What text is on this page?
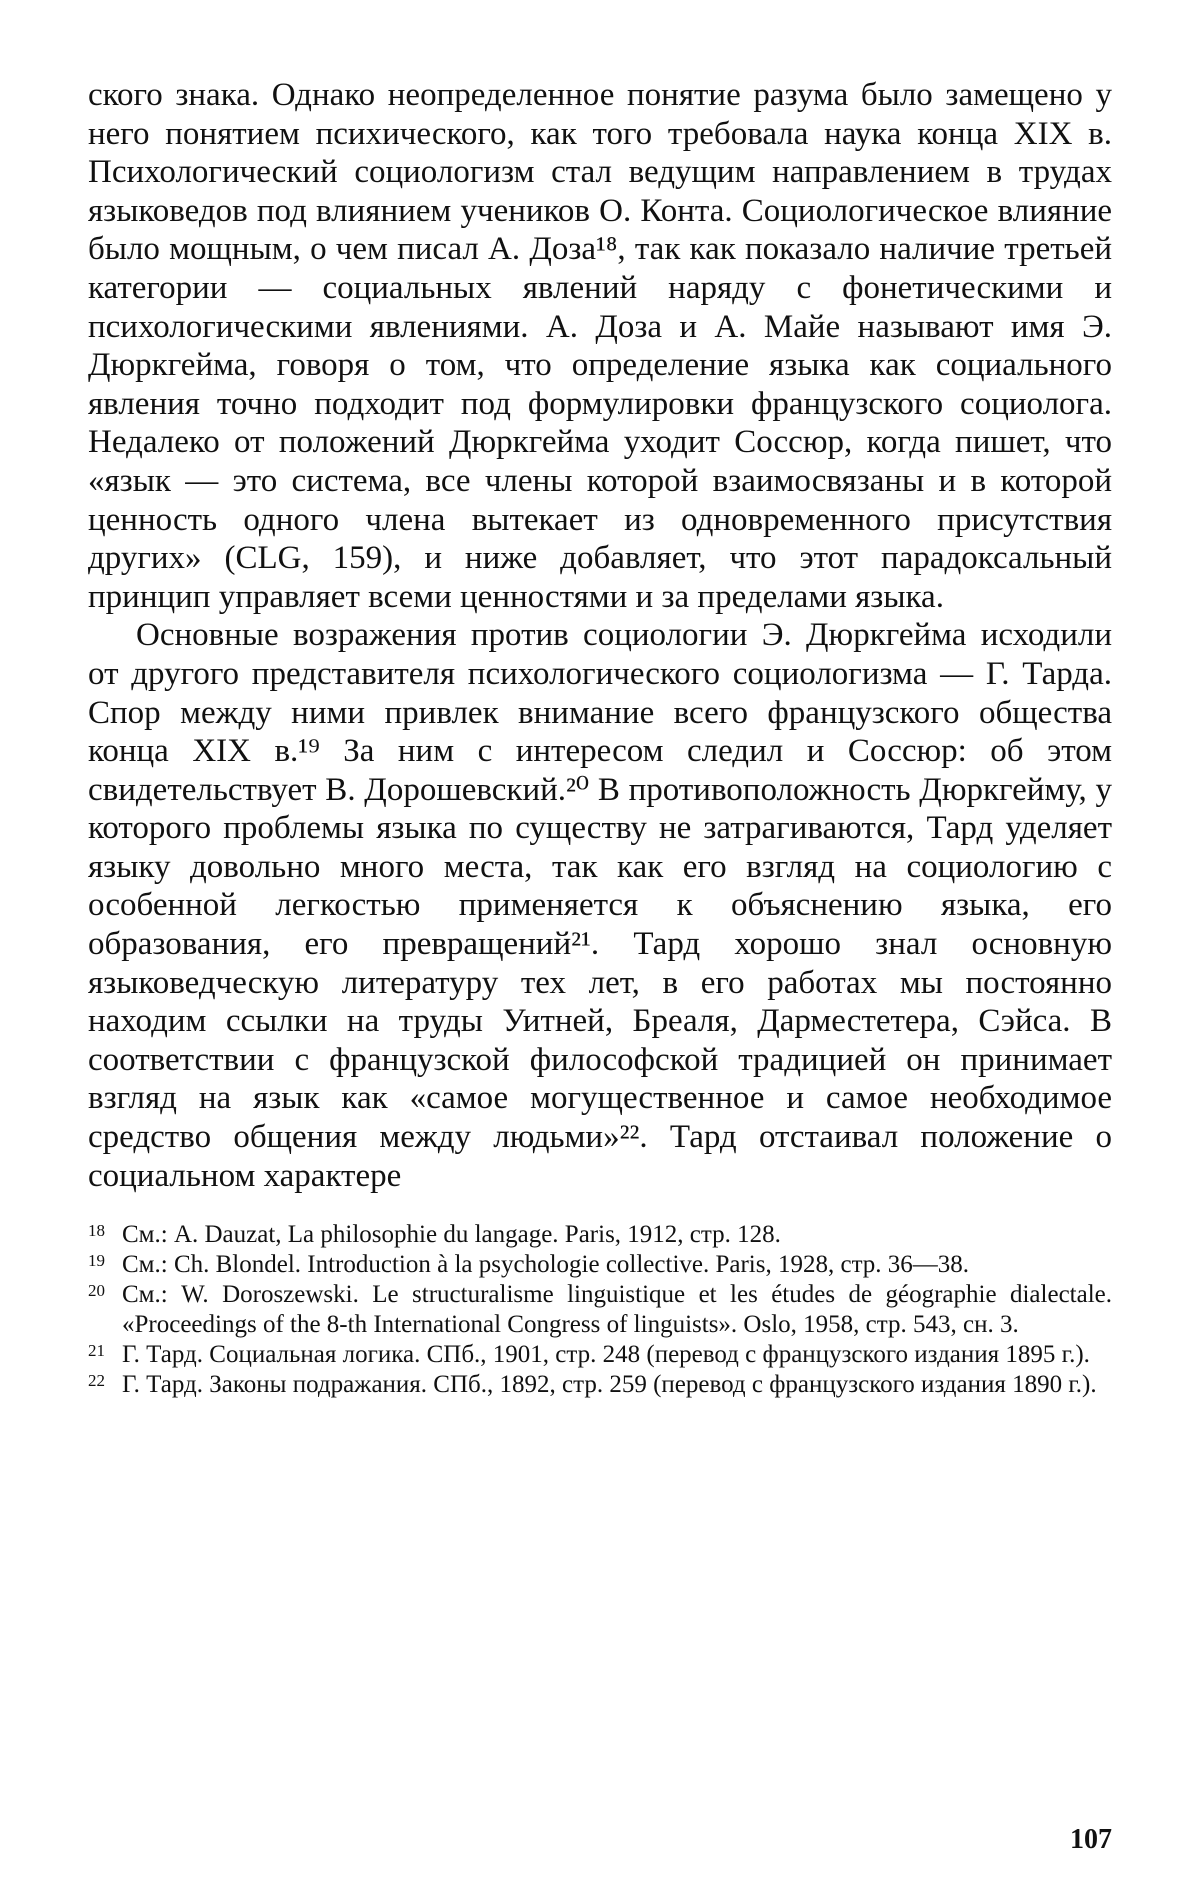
ского знака. Однако неопределенное понятие разума было замещено у него понятием психического, как того требовала наука конца XIX в. Психологический социологизм стал ведущим направлением в трудах языковедов под влиянием учеников О. Конта. Социологическое влияние было мощным, о чем писал А. Доза¹⁸, так как показало наличие третьей категории — социальных явлений наряду с фонетическими и психологическими явлениями. А. Доза и А. Майе называют имя Э. Дюркгейма, говоря о том, что определение языка как социального явления точно подходит под формулировки французского социолога. Недалеко от положений Дюркгейма уходит Соссюр, когда пишет, что «язык — это система, все члены которой взаимосвязаны и в которой ценность одного члена вытекает из одновременного присутствия других» (CLG, 159), и ниже добавляет, что этот парадоксальный принцип управляет всеми ценностями и за пределами языка.

Основные возражения против социологии Э. Дюркгейма исходили от другого представителя психологического социологизма — Г. Тарда. Спор между ними привлек внимание всего французского общества конца XIX в.¹⁹ За ним с интересом следил и Соссюр: об этом свидетельствует В. Дорошевский.²⁰ В противоположность Дюркгейму, у которого проблемы языка по существу не затрагиваются, Тард уделяет языку довольно много места, так как его взгляд на социологию с особенной легкостью применяется к объяснению языка, его образования, его превращений²¹. Тард хорошо знал основную языковедческую литературу тех лет, в его работах мы постоянно находим ссылки на труды Уитней, Бреаля, Дарместетера, Сэйса. В соответствии с французской философской традицией он принимает взгляд на язык как «самое могущественное и самое необходимое средство общения между людьми»²². Тард отстаивал положение о социальном характере

18 См.: A. Dauzat, La philosophie du langage. Paris, 1912, стр. 128.

19 См.: Ch. Blondel. Introduction à la psychologie collective. Paris, 1928, стр. 36—38.

20 См.: W. Doroszewski. Le structuralisme linguistique et les études de géographie dialectale. «Proceedings of the 8-th International Congress of linguists». Oslo, 1958, стр. 543, сн. 3.

21 Г. Тард. Социальная логика. СПб., 1901, стр. 248 (перевод с французского издания 1895 г.).

22 Г. Тард. Законы подражания. СПб., 1892, стр. 259 (перевод с французского издания 1890 г.).

107
